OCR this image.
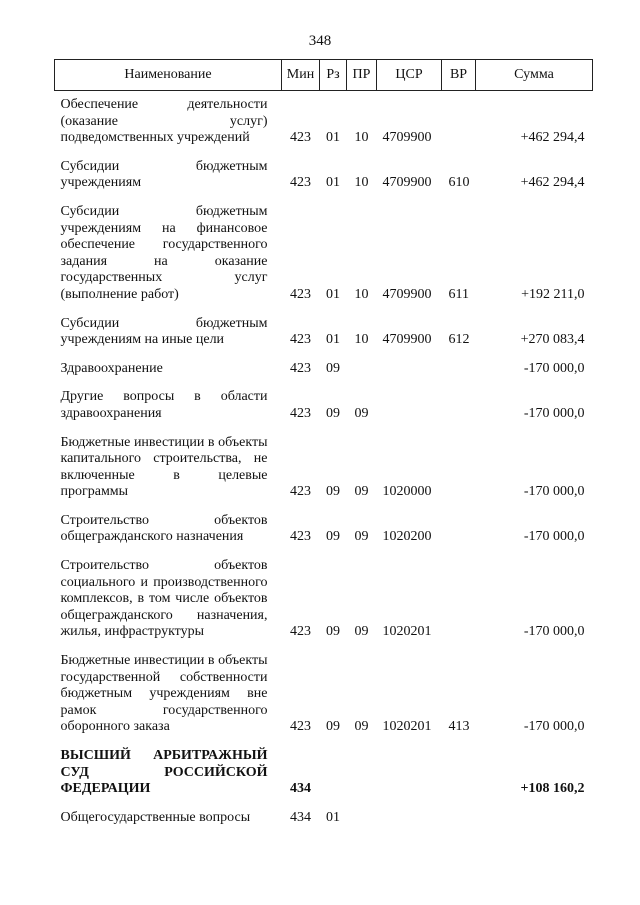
348
Наименование	Мин	Рз	ПР	ЦСР	ВР	Сумма
Обеспечение деятельности (оказание услуг) подведомственных учреждений	423	01	10	4709900		+462 294,4
Субсидии бюджетным учреждениям	423	01	10	4709900	610	+462 294,4
Субсидии бюджетным учреждениям на финансовое обеспечение государственного задания на оказание государственных услуг (выполнение работ)	423	01	10	4709900	611	+192 211,0
Субсидии бюджетным учреждениям на иные цели	423	01	10	4709900	612	+270 083,4
Здравоохранение	423	09				-170 000,0
Другие вопросы в области здравоохранения	423	09	09			-170 000,0
Бюджетные инвестиции в объекты капитального строительства, не включенные в целевые программы	423	09	09	1020000		-170 000,0
Строительство объектов общегражданского назначения	423	09	09	1020200		-170 000,0
Строительство объектов социального и производственного комплексов, в том числе объектов общегражданского назначения, жилья, инфраструктуры	423	09	09	1020201		-170 000,0
Бюджетные инвестиции в объекты государственной собственности бюджетным учреждениям вне рамок государственного оборонного заказа	423	09	09	1020201	413	-170 000,0
ВЫСШИЙ АРБИТРАЖНЫЙ СУД РОССИЙСКОЙ ФЕДЕРАЦИИ	434					+108 160,2
Общегосударственные вопросы	434	01				
